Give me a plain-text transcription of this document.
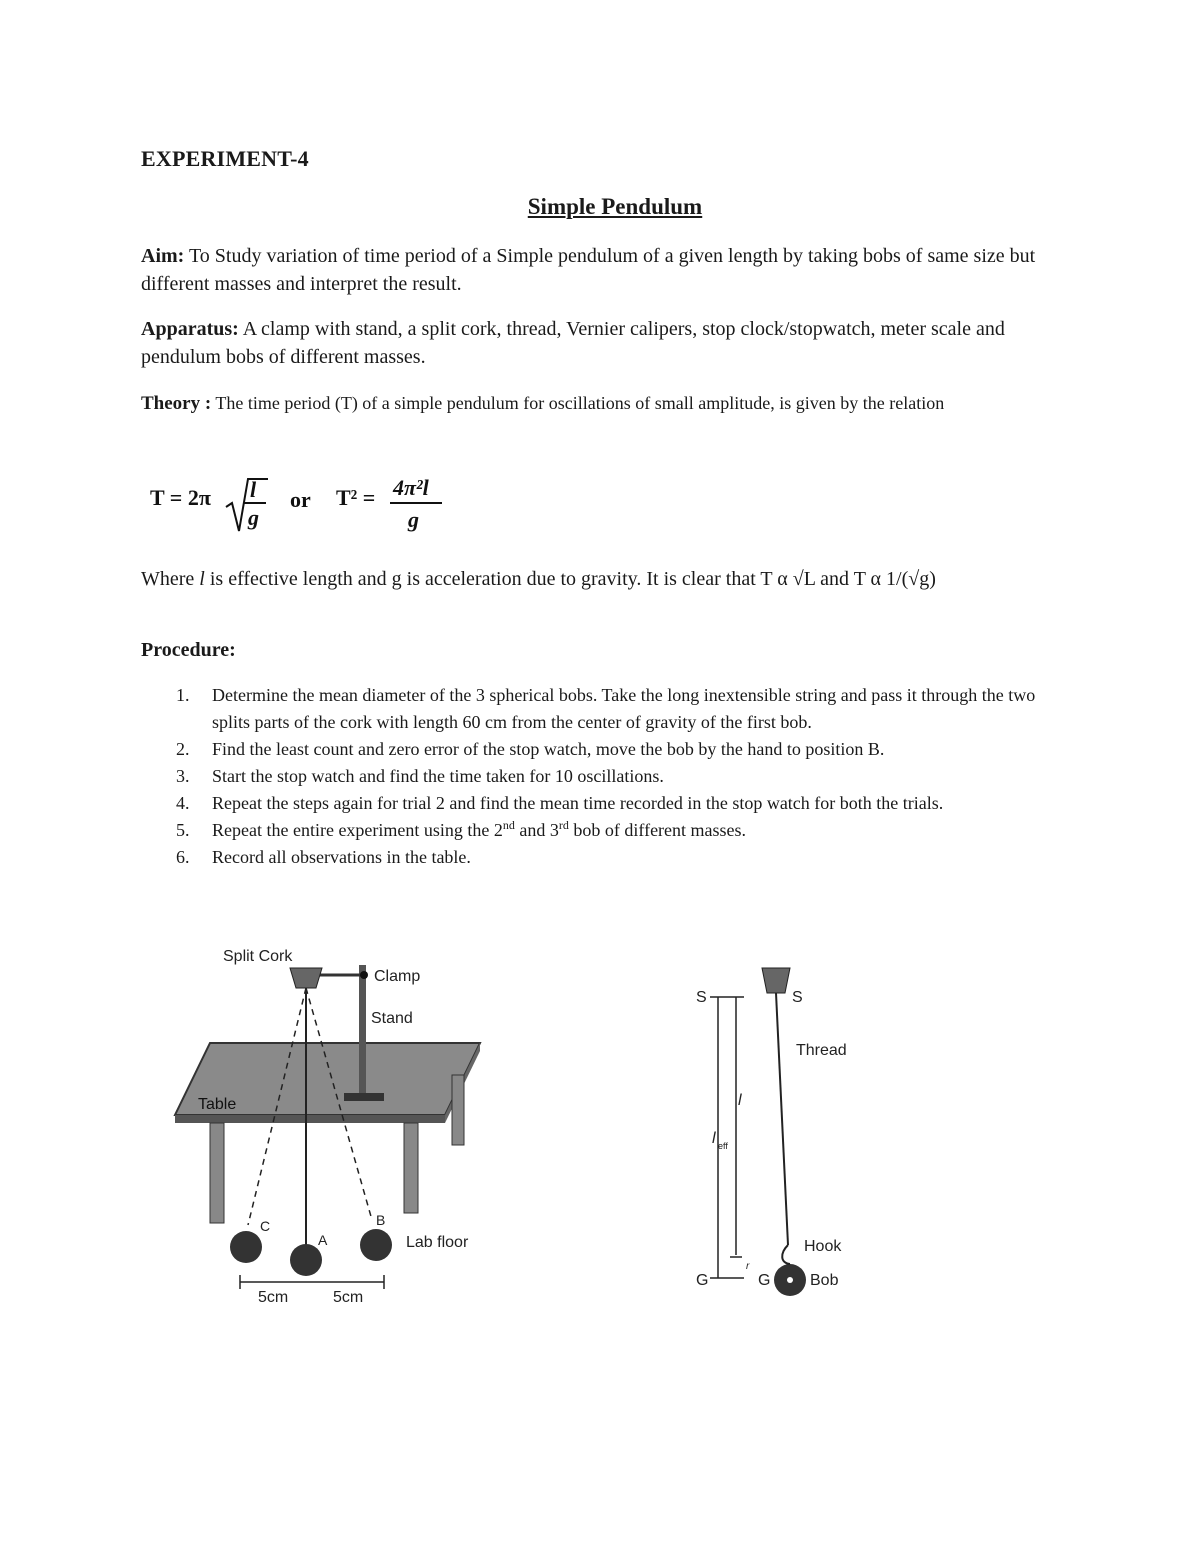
EXPERIMENT-4
Simple Pendulum
Aim: To Study variation of time period of a Simple pendulum of a given length by taking bobs of same size but different masses and interpret the result.
Apparatus: A clamp with stand, a split cork, thread, Vernier calipers, stop clock/stopwatch, meter scale and pendulum bobs of different masses.
Theory : The time period (T) of a simple pendulum for oscillations of small amplitude, is given by the relation
T = 2π l
g
or T² = 4π²l
g
Where l is effective length and g is acceleration due to gravity. It is clear that T α √L and T α 1/(√g)
Procedure:
1. Determine the mean diameter of the 3 spherical bobs. Take the long inextensible string and pass it through the two splits parts of the cork with length 60 cm from the center of gravity of the first bob.
2. Find the least count and zero error of the stop watch, move the bob by the hand to position B.
3. Start the stop watch and find the time taken for 10 oscillations.
4. Repeat the steps again for trial 2 and find the mean time recorded in the stop watch for both the trials.
5. Repeat the entire experiment using the 2nd and 3rd bob of different masses.
6. Record all observations in the table.
Split Cork
Clamp
Stand
Table
Lab floor
C
A
B
5cm	5cm
S	S
Thread
l
l eff
r
Hook
G	G Bob
